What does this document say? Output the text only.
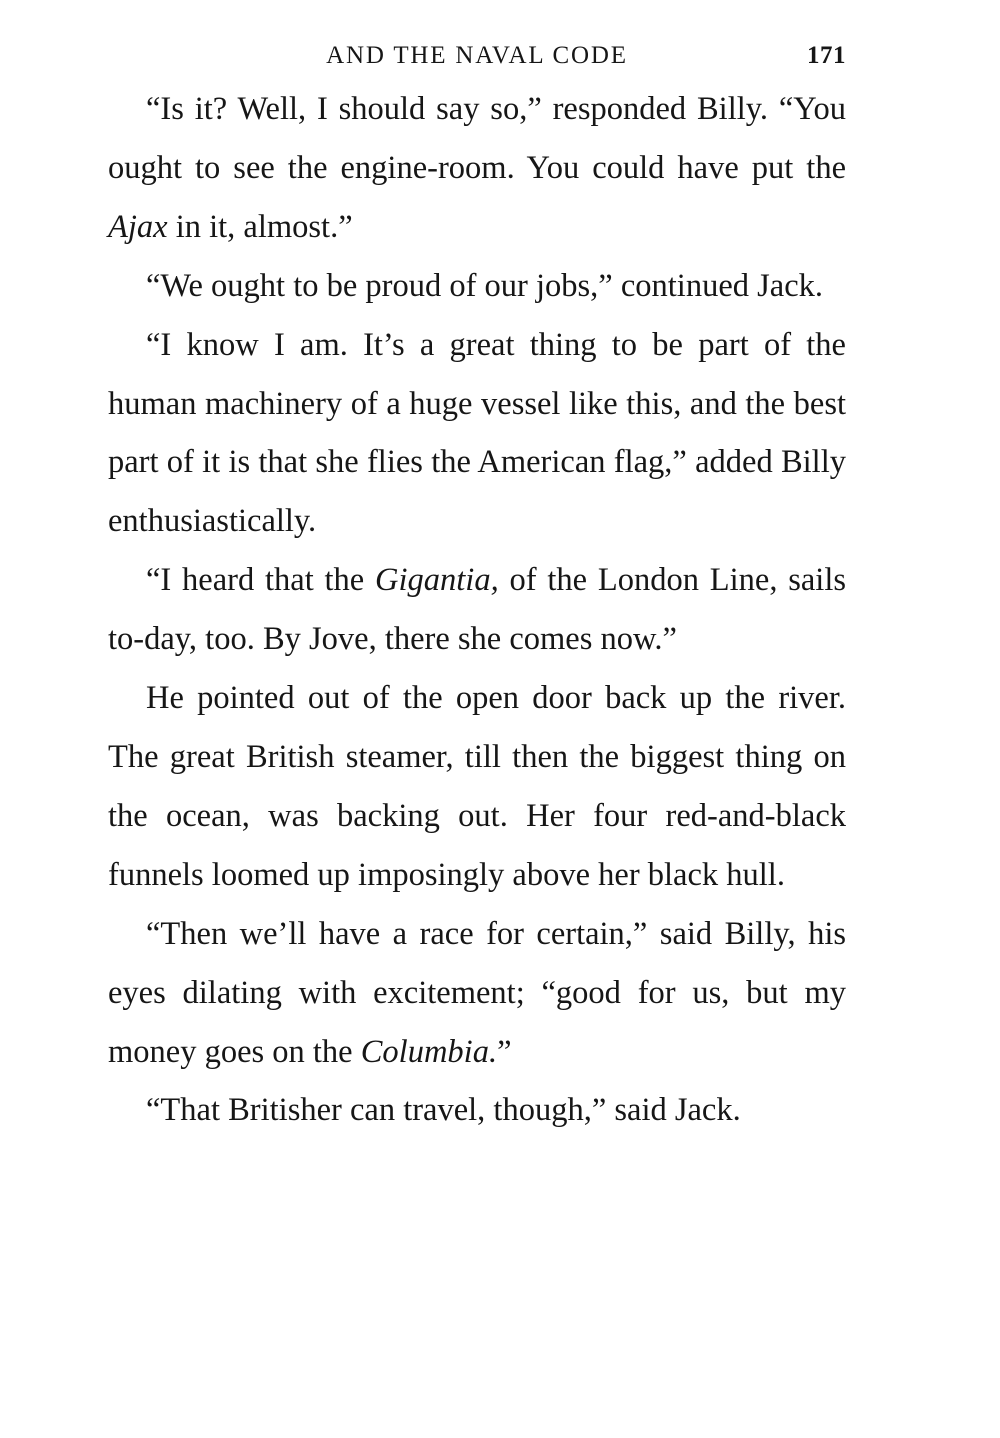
AND THE NAVAL CODE	171

“Is it? Well, I should say so,” responded Billy. “You ought to see the engine-room. You could have put the Ajax in it, almost.”

“We ought to be proud of our jobs,” continued Jack.

“I know I am. It’s a great thing to be part of the human machinery of a huge vessel like this, and the best part of it is that she flies the American flag,” added Billy enthusiastically.

“I heard that the Gigantia, of the London Line, sails to-day, too. By Jove, there she comes now.”

He pointed out of the open door back up the river. The great British steamer, till then the biggest thing on the ocean, was backing out. Her four red-and-black funnels loomed up imposingly above her black hull.

“Then we’ll have a race for certain,” said Billy, his eyes dilating with excitement; “good for us, but my money goes on the Columbia.”

“That Britisher can travel, though,” said Jack.
